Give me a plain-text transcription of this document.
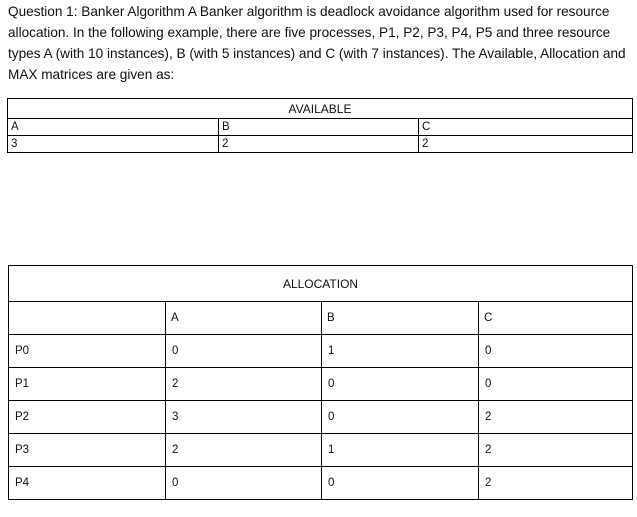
Question 1: Banker Algorithm A Banker algorithm is deadlock avoidance algorithm used for resource allocation. In the following example, there are five processes, P1, P2, P3, P4, P5 and three resource types A (with 10 instances), B (with 5 instances) and C (with 7 instances). The Available, Allocation and MAX matrices are given as:

AVAILABLE		
A	B	C
3	2	2
ALLOCATION			
	A	B	C
P0	0	1	0
P1	2	0	0
P2	3	0	2
P3	2	1	2
P4	0	0	2
